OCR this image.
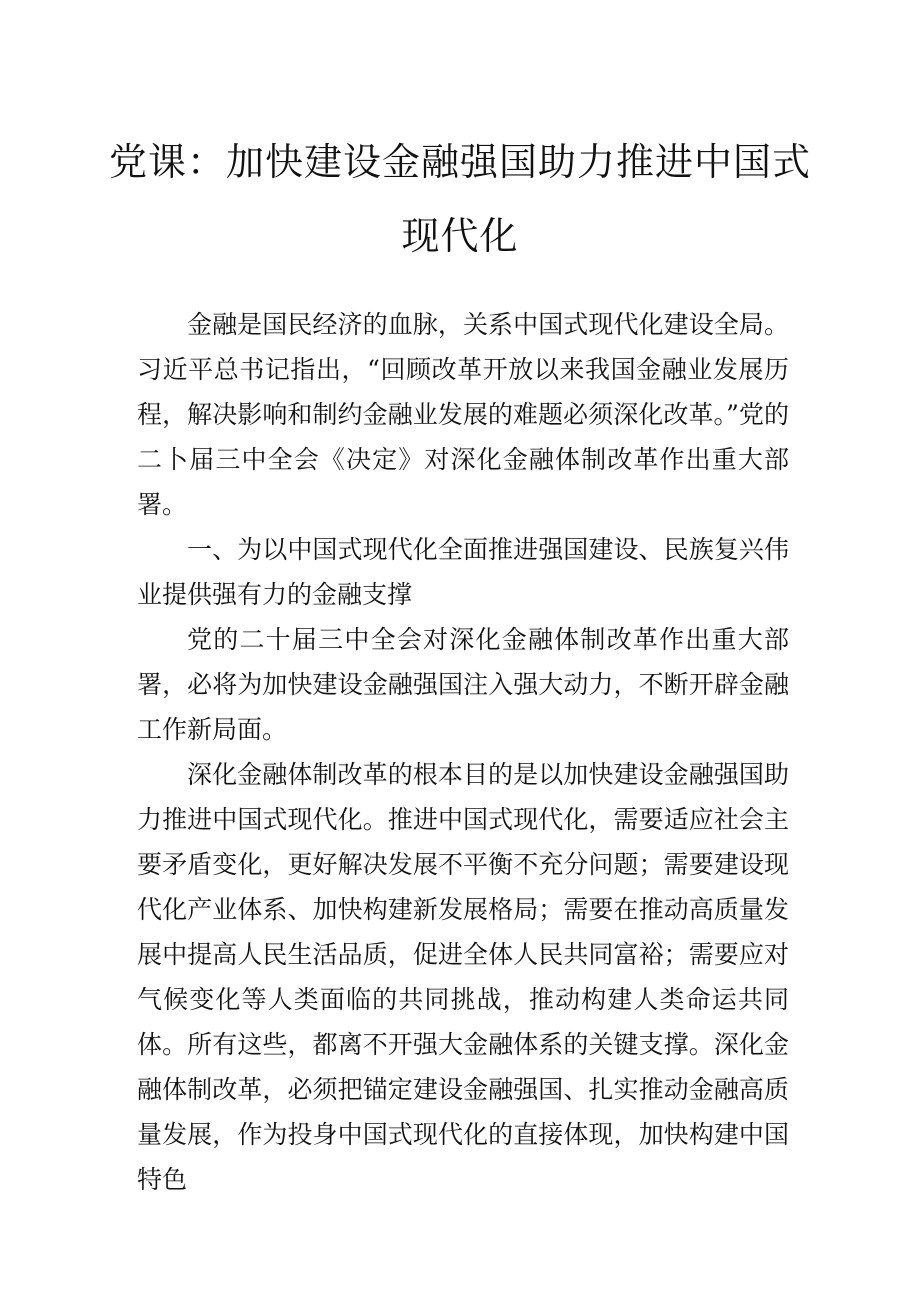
党课：加快建设金融强国助力推进中国式
现代化

金融是国民经济的血脉，关系中国式现代化建设全局。习近平总书记指出，“回顾改革开放以来我国金融业发展历程，解决影响和制约金融业发展的难题必须深化改革。”党的二卜届三中全会《决定》对深化金融体制改革作出重大部署。

一、为以中国式现代化全面推进强国建设、民族复兴伟业提供强有力的金融支撑

党的二十届三中全会对深化金融体制改革作出重大部署，必将为加快建设金融强国注入强大动力，不断开辟金融工作新局面。

深化金融体制改革的根本目的是以加快建设金融强国助力推进中国式现代化。推进中国式现代化，需要适应社会主要矛盾变化，更好解决发展不平衡不充分问题；需要建设现代化产业体系、加快构建新发展格局；需要在推动高质量发展中提高人民生活品质，促进全体人民共同富裕；需要应对气候变化等人类面临的共同挑战，推动构建人类命运共同体。所有这些，都离不开强大金融体系的关键支撑。深化金融体制改革，必须把锚定建设金融强国、扎实推动金融高质量发展，作为投身中国式现代化的直接体现，加快构建中国特色
